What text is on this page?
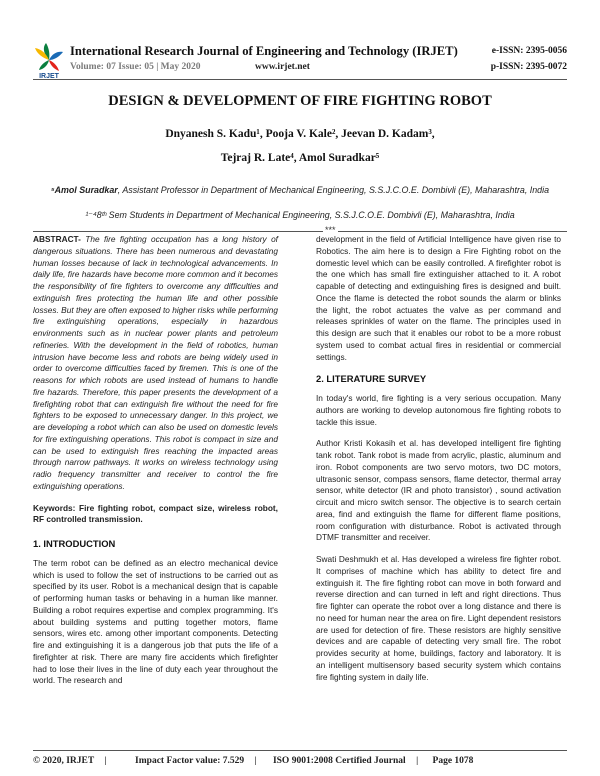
IRJET
International Research Journal of Engineering and Technology (IRJET)
Volume: 07 Issue: 05 | May 2020	www.irjet.net
e-ISSN: 2395-0056
p-ISSN: 2395-0072
DESIGN & DEVELOPMENT OF FIRE FIGHTING ROBOT
Dnyanesh S. Kadu¹, Pooja V. Kale², Jeevan D. Kadam³,
Tejraj R. Late⁴, Amol Suradkar⁵
⁵Amol Suradkar, Assistant Professor in Department of Mechanical Engineering, S.S.J.C.O.E. Dombivli (E), Maharashtra, India
¹⁻⁴8ᵗʰ Sem Students in Department of Mechanical Engineering, S.S.J.C.O.E. Dombivli (E), Maharashtra, India
***

ABSTRACT- The fire fighting occupation has a long history of dangerous situations. There has been numerous and devastating human losses because of lack in technological advancements. In daily life, fire hazards have become more common and it becomes the responsibility of fire fighters to overcome any difficulties and extinguish fires protecting the human life and other possible losses. But they are often exposed to higher risks while performing fire extinguishing operations, especially in hazardous environments such as in nuclear power plants and petroleum refineries. With the development in the field of robotics, human intrusion have become less and robots are being widely used in order to overcome difficulties faced by firemen. This is one of the reasons for which robots are used instead of humans to handle fire hazards. Therefore, this paper presents the development of a firefighting robot that can extinguish fire without the need for fire fighters to be exposed to unnecessary danger. In this project, we are developing a robot which can also be used on domestic levels for fire extinguishing operations. This robot is compact in size and can be used to extinguish fires reaching the impacted areas through narrow pathways. It works on wireless technology using radio frequency transmitter and receiver to control the fire extinguishing operations.

Keywords: Fire fighting robot, compact size, wireless robot, RF controlled transmission.

1. INTRODUCTION

The term robot can be defined as an electro mechanical device which is used to follow the set of instructions to be carried out as specified by its user. Robot is a mechanical design that is capable of performing human tasks or behaving in a human like manner. Building a robot requires expertise and complex programming. It's about building systems and putting together motors, flame sensors, wires etc. among other important components. Detecting fire and extinguishing it is a dangerous job that puts the life of a firefighter at risk. There are many fire accidents which firefighter had to lose their lives in the line of duty each year throughout the world. The research and

development in the field of Artificial Intelligence have given rise to Robotics. The aim here is to design a Fire Fighting robot on the domestic level which can be easily controlled. A firefighter robot is the one which has small fire extinguisher attached to it. A robot capable of detecting and extinguishing fires is designed and built. Once the flame is detected the robot sounds the alarm or blinks the light, the robot actuates the valve as per command and releases sprinkles of water on the flame. The principles used in this design are such that it enables our robot to be a more robust system used to combat actual fires in residential or commercial settings.

2. LITERATURE SURVEY

In today's world, fire fighting is a very serious occupation. Many authors are working to develop autonomous fire fighting robots to tackle this issue.

Author Kristi Kokasih et al. has developed intelligent fire fighting tank robot. Tank robot is made from acrylic, plastic, aluminum and iron. Robot components are two servo motors, two DC motors, ultrasonic sensor, compass sensors, flame detector, thermal array sensor, white detector (IR and photo transistor) , sound activation circuit and micro switch sensor. The objective is to search certain area, find and extinguish the flame for different flame positions, room configuration with disturbance. Robot is activated through DTMF transmitter and receiver.

Swati Deshmukh et al. Has developed a wireless fire fighter robot. It comprises of machine which has ability to detect fire and extinguish it. The fire fighting robot can move in both forward and reverse direction and can turned in left and right directions. Thus fire fighter can operate the robot over a long distance and there is no need for human near the area on fire. Light dependent resistors are used for detection of fire. These resistors are highly sensitive devices and are capable of detecting very small fire. The robot provides security at home, buildings, factory and laboratory. It is an intelligent multisensory based security system which contains fire fighting system in daily life.

© 2020, IRJET |	Impact Factor value: 7.529 | ISO 9001:2008 Certified Journal | Page 1078
